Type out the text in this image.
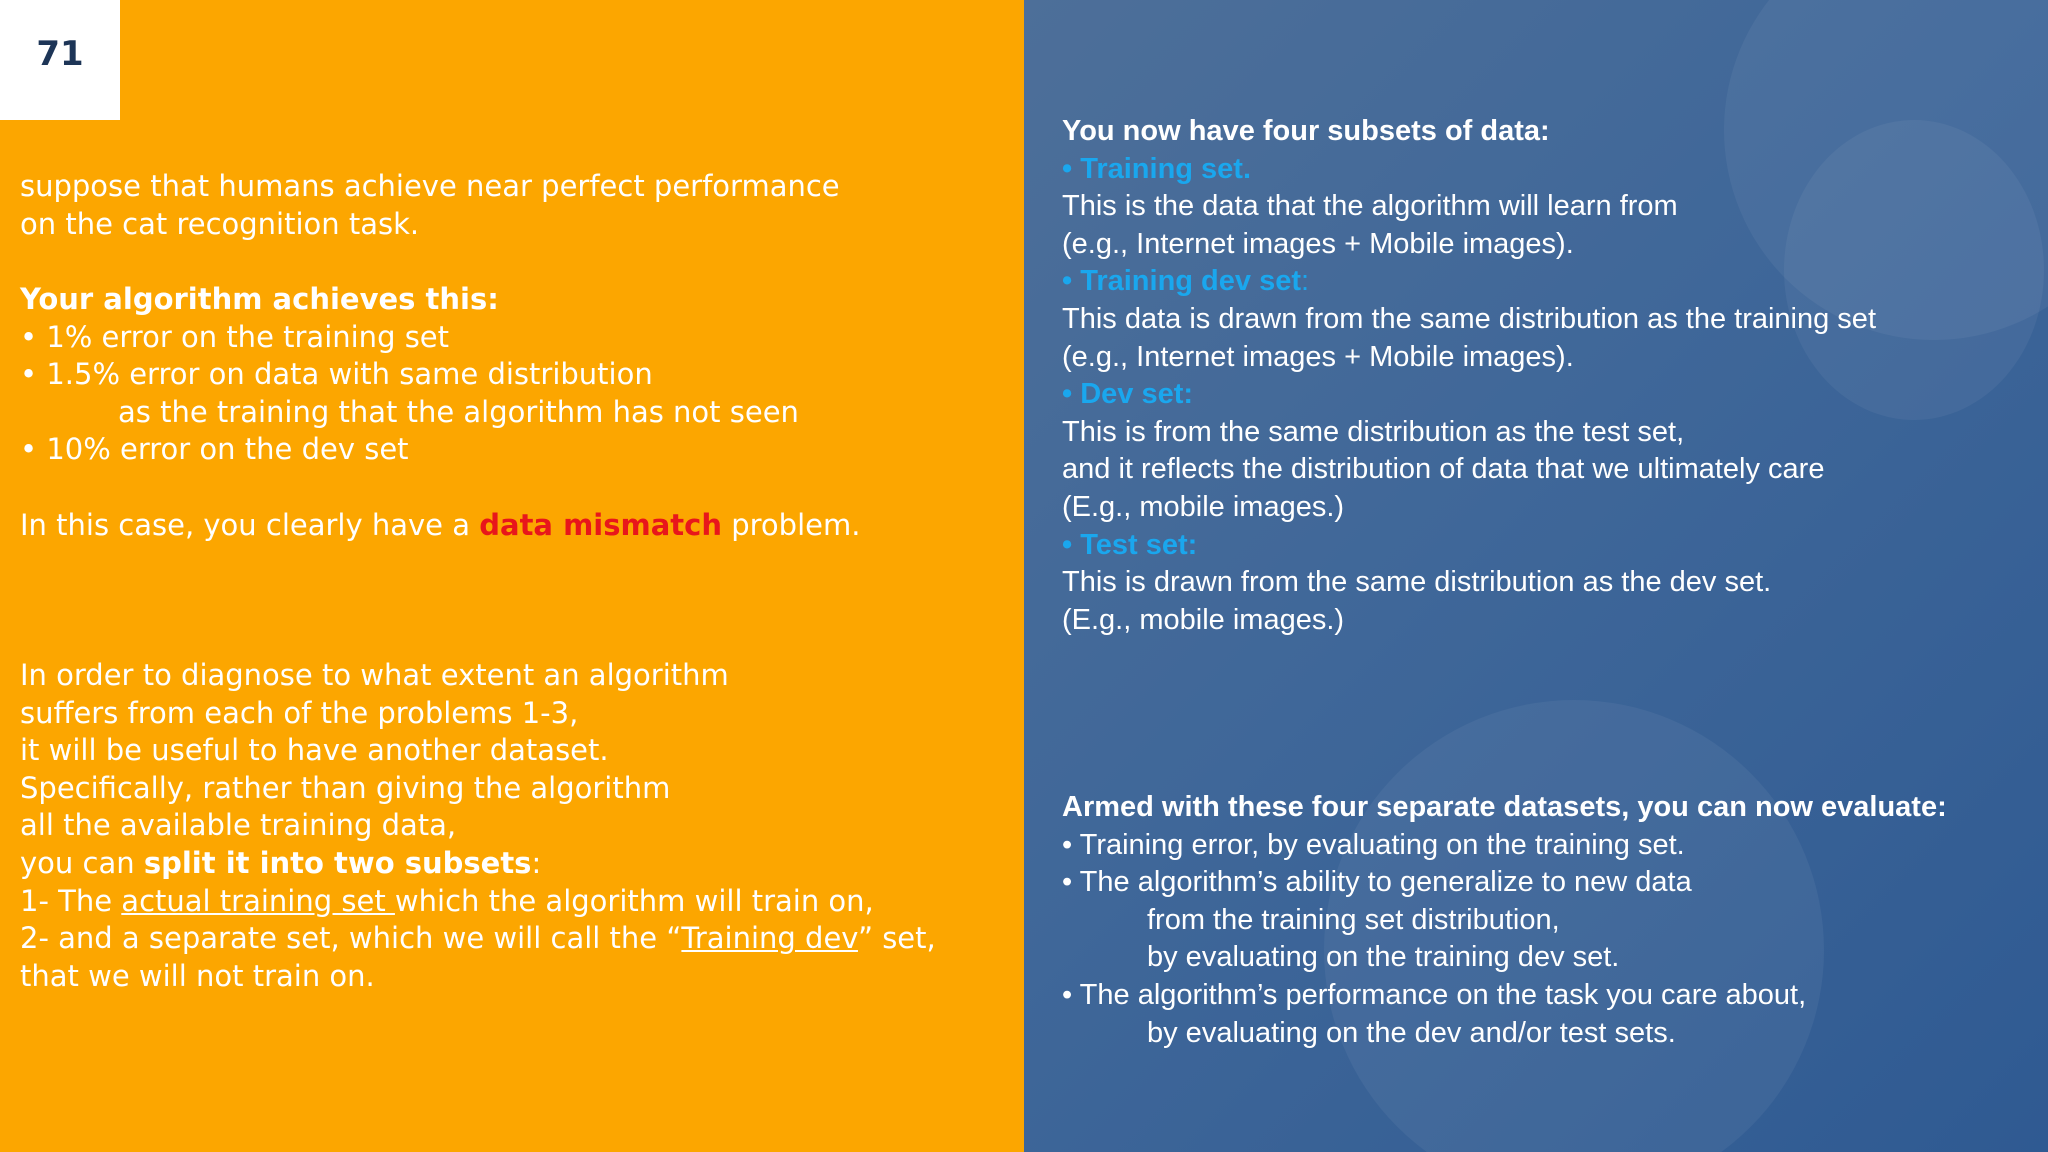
71
suppose that humans achieve near perfect performance
on the cat recognition task.
Your algorithm achieves this:
• 1% error on the training set
• 1.5% error on data with same distribution
as the training that the algorithm has not seen
• 10% error on the dev set
In this case, you clearly have a data mismatch problem.
In order to diagnose to what extent an algorithm
suffers from each of the problems 1-3,
it will be useful to have another dataset.
Specifically, rather than giving the algorithm
all the available training data,
you can split it into two subsets:
1- The actual training set which the algorithm will train on,
2- and a separate set, which we will call the “Training dev” set,
that we will not train on.
You now have four subsets of data:
• Training set.
This is the data that the algorithm will learn from
(e.g., Internet images + Mobile images).
• Training dev set:
This data is drawn from the same distribution as the training set
(e.g., Internet images + Mobile images).
• Dev set:
This is from the same distribution as the test set,
and it reflects the distribution of data that we ultimately care
(E.g., mobile images.)
• Test set:
This is drawn from the same distribution as the dev set.
(E.g., mobile images.)
Armed with these four separate datasets, you can now evaluate:
• Training error, by evaluating on the training set.
• The algorithm’s ability to generalize to new data
from the training set distribution,
by evaluating on the training dev set.
• The algorithm’s performance on the task you care about,
by evaluating on the dev and/or test sets.
